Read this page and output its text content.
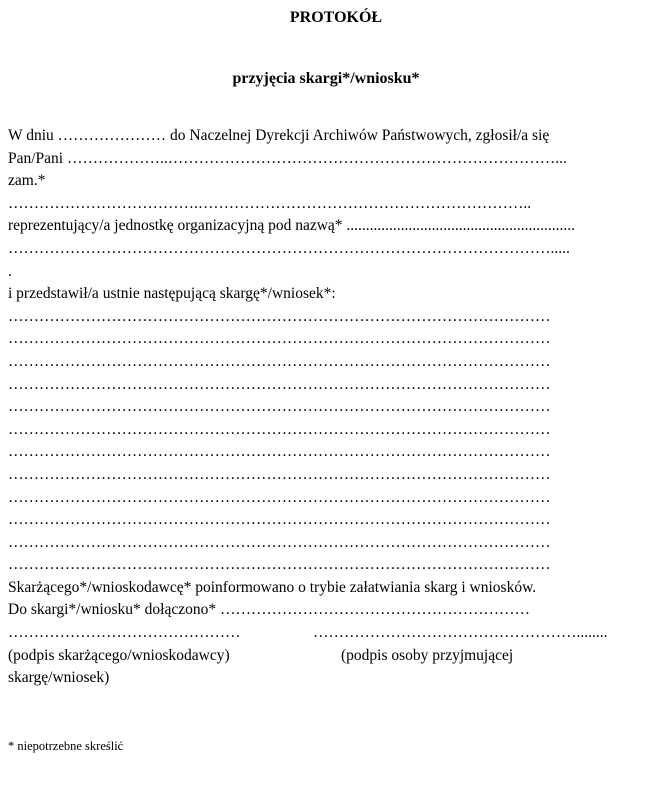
PROTOKÓŁ
przyjęcia skargi*/wniosku*
W dniu ………………… do Naczelnej Dyrekcji Archiwów Państwowych, zgłosił/a się
Pan/Pani ………………..…………………………………………………………………...
zam.*
……………………………….………………………………………………………..
reprezentujący/a jednostkę organizacyjną pod nazwą* ...........................................................
…………………………………………………………………………………………….....
.
i przedstawił/a ustnie następującą skargę*/wniosek*:
……………………………………………………………………………………………
……………………………………………………………………………………………
……………………………………………………………………………………………
……………………………………………………………………………………………
……………………………………………………………………………………………
……………………………………………………………………………………………
……………………………………………………………………………………………
……………………………………………………………………………………………
……………………………………………………………………………………………
……………………………………………………………………………………………
……………………………………………………………………………………………
……………………………………………………………………………………………
Skarżącego*/wnioskodawcę* poinformowano o trybie załatwiania skarg i wniosków.
Do skargi*/wniosku* dołączono* ……………………………………………………
………………………………………	……………………………………………........
(podpis skarżącego/wnioskodawcy)	(podpis osoby przyjmującej
skargę/wniosek)
* niepotrzebne skreślić
